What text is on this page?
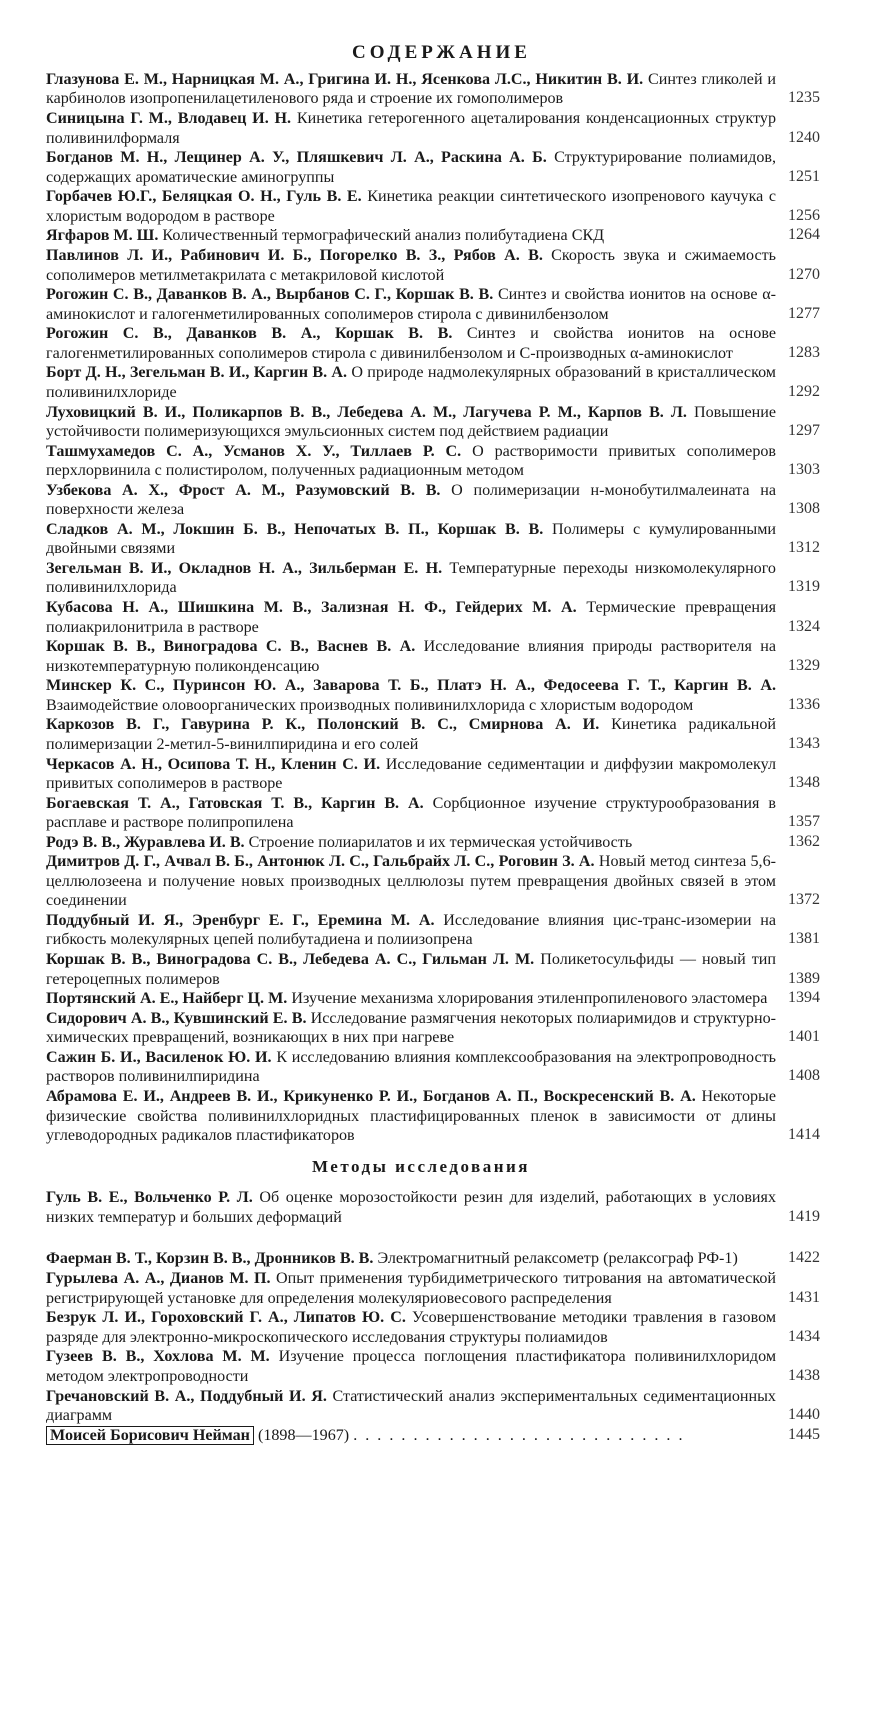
СОДЕРЖАНИЕ
Глазунова Е. М., Нарницкая М. А., Григина И. Н., Ясенкова Л.С., Никитин В. И. Синтез гликолей и карбинолов изопропенилацетиленового ряда и строение их гомополимеров	1235
Синицына Г. М., Влодавец И. Н. Кинетика гетерогенного ацеталирования конденсационных структур поливинилформаля	1240
Богданов М. Н., Лещинер А. У., Пляшкевич Л. А., Раскина А. Б. Структурирование полиамидов, содержащих ароматические аминогруппы	1251
Горбачев Ю.Г., Беляцкая О. Н., Гуль В. Е. Кинетика реакции синтетического изопренового каучука с хлористым водородом в растворе	1256
Ягфаров М. Ш. Количественный термографический анализ полибутадиена СКД	1264
Павлинов Л. И., Рабинович И. Б., Погорелко В. З., Рябов А. В. Скорость звука и сжимаемость сополимеров метилметакрилата с метакриловой кислотой	1270
Рогожин С. В., Даванков В. А., Вырбанов С. Г., Коршак В. В. Синтез и свойства ионитов на основе α-аминокислот и галогенметилированных сополимеров стирола с дивинилбензолом	1277
Рогожин С. В., Даванков В. А., Коршак В. В. Синтез и свойства ионитов на основе галогенметилированных сополимеров стирола с дивинилбензолом и С-производных α-аминокислот	1283
Борт Д. Н., Зегельман В. И., Каргин В. А. О природе надмолекулярных образований в кристаллическом поливинилхлориде	1292
Луховицкий В. И., Поликарпов В. В., Лебедева А. М., Лагучева Р. М., Карпов В. Л. Повышение устойчивости полимеризующихся эмульсионных систем под действием радиации	1297
Ташмухамедов С. А., Усманов Х. У., Тиллаев Р. С. О растворимости привитых сополимеров перхлорвинила с полистиролом, полученных радиационным методом	1303
Узбекова А. Х., Фрост А. М., Разумовский В. В. О полимеризации н-монобутилмалеината на поверхности железа	1308
Сладков А. М., Локшин Б. В., Непочатых В. П., Коршак В. В. Полимеры с кумулированными двойными связями	1312
Зегельман В. И., Окладнов Н. А., Зильберман Е. Н. Температурные переходы низкомолекулярного поливинилхлорида	1319
Кубасова Н. А., Шишкина М. В., Зализная Н. Ф., Гейдерих М. А. Термические превращения полиакрилонитрила в растворе	1324
Коршак В. В., Виноградова С. В., Васнев В. А. Исследование влияния природы растворителя на низкотемпературную поликонденсацию	1329
Минскер К. С., Пуринсон Ю. А., Заварова Т. Б., Платэ Н. А., Федосеева Г. Т., Каргин В. А. Взаимодействие оловоорганических производных поливинилхлорида с хлористым водородом	1336
Каркозов В. Г., Гавурина Р. К., Полонский В. С., Смирнова А. И. Кинетика радикальной полимеризации 2-метил-5-винилпиридина и его солей	1343
Черкасов А. Н., Осипова Т. Н., Кленин С. И. Исследование седиментации и диффузии макромолекул привитых сополимеров в растворе	1348
Богаевская Т. А., Гатовская Т. В., Каргин В. А. Сорбционное изучение структурообразования в расплаве и растворе полипропилена	1357
Родэ В. В., Журавлева И. В. Строение полиарилатов и их термическая устойчивость	1362
Димитров Д. Г., Ачвал В. Б., Антонюк Л. С., Гальбрайх Л. С., Роговин З. А. Новый метод синтеза 5,6-целлюлозеена и получение новых производных целлюлозы путем превращения двойных связей в этом соединении	1372
Поддубный И. Я., Эренбург Е. Г., Еремина М. А. Исследование влияния цис-транс-изомерии на гибкость молекулярных цепей полибутадиена и полиизопрена	1381
Коршак В. В., Виноградова С. В., Лебедева А. С., Гильман Л. М. Поликетосульфиды — новый тип гетероцепных полимеров	1389
Портянский А. Е., Найберг Ц. М. Изучение механизма хлорирования этиленпропиленового эластомера	1394
Сидорович А. В., Кувшинский Е. В. Исследование размягчения некоторых полиаримидов и структурно-химических превращений, возникающих в них при нагреве	1401
Сажин Б. И., Василенок Ю. И. К исследованию влияния комплексообразования на электропроводность растворов поливинилпиридина	1408
Абрамова Е. И., Андреев В. И., Крикуненко Р. И., Богданов А. П., Воскресенский В. А. Некоторые физические свойства поливинилхлоридных пластифицированных пленок в зависимости от длины углеводородных радикалов пластификаторов	1414
Методы исследования
Гуль В. Е., Вольченко Р. Л. Об оценке морозостойкости резин для изделий, работающих в условиях низких температур и больших деформаций	1419
Фаерман В. Т., Корзин В. В., Дронников В. В. Электромагнитный релаксометр (релаксограф РФ-1)	1422
Гурылева А. А., Дианов М. П. Опыт применения турбидиметрического титрования на автоматической регистрирующей установке для определения молекуляриовесового распределения	1431
Безрук Л. И., Гороховский Г. А., Липатов Ю. С. Усовершенствование методики травления в газовом разряде для электронно-микроскопического исследования структуры полиамидов	1434
Гузеев В. В., Хохлова М. М. Изучение процесса поглощения пластификатора поливинилхлоридом методом электропроводности	1438
Гречановский В. А., Поддубный И. Я. Статистический анализ экспериментальных седиментационных диаграмм	1440
Моисей Борисович Нейман (1898—1967) . . . . . . . . . . . . . . . . . . . . . . . . . . . .	1445
